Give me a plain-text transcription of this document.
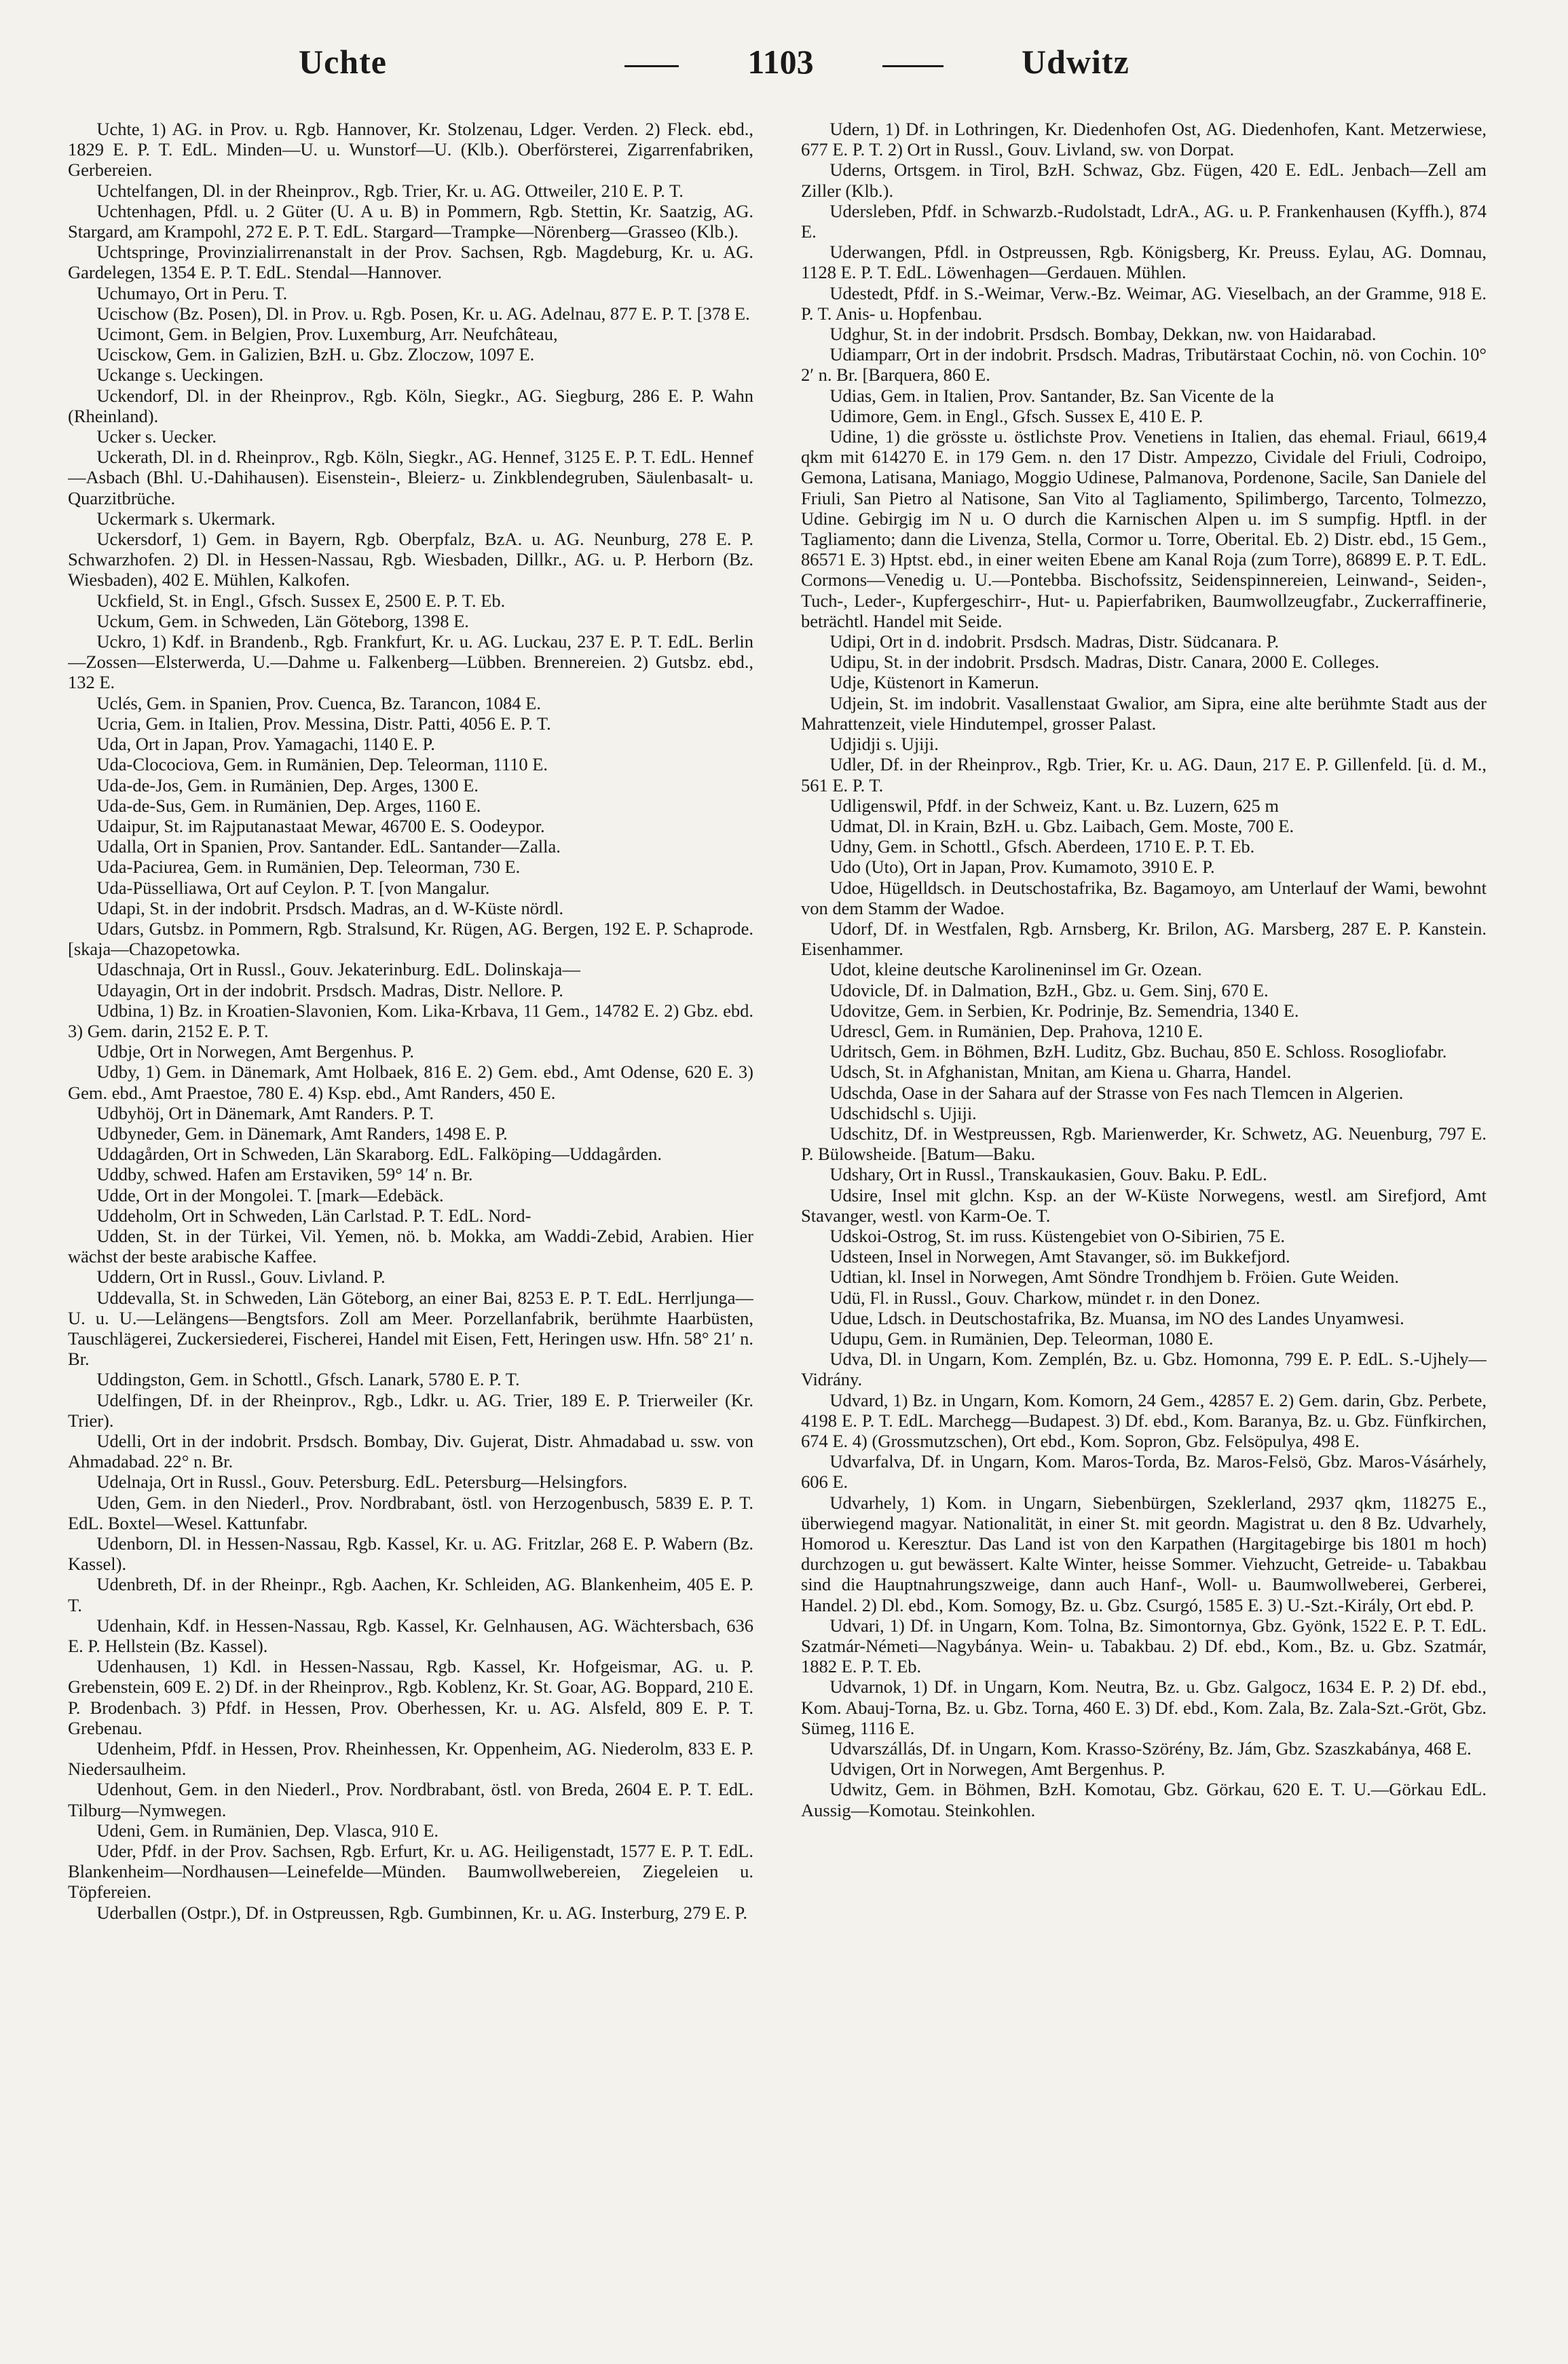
Uchte	1103	Udwitz

Uchte, 1) AG. in Prov. u. Rgb. Hannover, Kr. Stolzenau, Ldger. Verden. 2) Fleck. ebd., 1829 E. P. T. EdL. Minden—U. u. Wunstorf—U. (Klb.). Oberförsterei, Zigarrenfabriken, Gerbereien.

Uchtelfangen, Dl. in der Rheinprov., Rgb. Trier, Kr. u. AG. Ottweiler, 210 E. P. T.

Uchtenhagen, Pfdl. u. 2 Güter (U. A u. B) in Pommern, Rgb. Stettin, Kr. Saatzig, AG. Stargard, am Krampohl, 272 E. P. T. EdL. Stargard—Trampke—Nörenberg—Grasseo (Klb.).

Uchtspringe, Provinzialirrenanstalt in der Prov. Sachsen, Rgb. Magdeburg, Kr. u. AG. Gardelegen, 1354 E. P. T. EdL. Stendal—Hannover.

Uchumayo, Ort in Peru. T.

Ucischow (Bz. Posen), Dl. in Prov. u. Rgb. Posen, Kr. u. AG. Adelnau, 877 E. P. T. [378 E.

Ucimont, Gem. in Belgien, Prov. Luxemburg, Arr. Neufchâteau,

Ucisckow, Gem. in Galizien, BzH. u. Gbz. Zloczow, 1097 E.

Uckange s. Ueckingen.

Uckendorf, Dl. in der Rheinprov., Rgb. Köln, Siegkr., AG. Siegburg, 286 E. P. Wahn (Rheinland).

Ucker s. Uecker.

Uckerath, Dl. in d. Rheinprov., Rgb. Köln, Siegkr., AG. Hennef, 3125 E. P. T. EdL. Hennef—Asbach (Bhl. U.-Dahihausen). Eisenstein-, Bleierz- u. Zinkblendegruben, Säulenbasalt- u. Quarzitbrüche.

Uckermark s. Ukermark.

Uckersdorf, 1) Gem. in Bayern, Rgb. Oberpfalz, BzA. u. AG. Neunburg, 278 E. P. Schwarzhofen. 2) Dl. in Hessen-Nassau, Rgb. Wiesbaden, Dillkr., AG. u. P. Herborn (Bz. Wiesbaden), 402 E. Mühlen, Kalkofen.

Uckfield, St. in Engl., Gfsch. Sussex E, 2500 E. P. T. Eb.

Uckum, Gem. in Schweden, Län Göteborg, 1398 E.

Uckro, 1) Kdf. in Brandenb., Rgb. Frankfurt, Kr. u. AG. Luckau, 237 E. P. T. EdL. Berlin—Zossen—Elsterwerda, U.—Dahme u. Falkenberg—Lübben. Brennereien. 2) Gutsbz. ebd., 132 E.

Uclés, Gem. in Spanien, Prov. Cuenca, Bz. Tarancon, 1084 E.

Ucria, Gem. in Italien, Prov. Messina, Distr. Patti, 4056 E. P. T.

Uda, Ort in Japan, Prov. Yamagachi, 1140 E. P.

Uda-Clocociova, Gem. in Rumänien, Dep. Teleorman, 1110 E.

Uda-de-Jos, Gem. in Rumänien, Dep. Arges, 1300 E.

Uda-de-Sus, Gem. in Rumänien, Dep. Arges, 1160 E.

Udaipur, St. im Rajputanastaat Mewar, 46700 E. S. Oodeypor.

Udalla, Ort in Spanien, Prov. Santander. EdL. Santander—Zalla.

Uda-Paciurea, Gem. in Rumänien, Dep. Teleorman, 730 E.

Uda-Püsselliawa, Ort auf Ceylon. P. T. [von Mangalur.

Udapi, St. in der indobrit. Prsdsch. Madras, an d. W-Küste nördl.

Udars, Gutsbz. in Pommern, Rgb. Stralsund, Kr. Rügen, AG. Bergen, 192 E. P. Schaprode. [skaja—Chazopetowka.

Udaschnaja, Ort in Russl., Gouv. Jekaterinburg. EdL. Dolinskaja—

Udayagin, Ort in der indobrit. Prsdsch. Madras, Distr. Nellore. P.

Udbina, 1) Bz. in Kroatien-Slavonien, Kom. Lika-Krbava, 11 Gem., 14782 E. 2) Gbz. ebd. 3) Gem. darin, 2152 E. P. T.

Udbje, Ort in Norwegen, Amt Bergenhus. P.

Udby, 1) Gem. in Dänemark, Amt Holbaek, 816 E. 2) Gem. ebd., Amt Odense, 620 E. 3) Gem. ebd., Amt Praestoe, 780 E. 4) Ksp. ebd., Amt Randers, 450 E.

Udbyhöj, Ort in Dänemark, Amt Randers. P. T.

Udbyneder, Gem. in Dänemark, Amt Randers, 1498 E. P.

Uddagården, Ort in Schweden, Län Skaraborg. EdL. Falköping—Uddagården.

Uddby, schwed. Hafen am Erstaviken, 59° 14′ n. Br.

Udde, Ort in der Mongolei. T. [mark—Edebäck.

Uddeholm, Ort in Schweden, Län Carlstad. P. T. EdL. Nord-

Udden, St. in der Türkei, Vil. Yemen, nö. b. Mokka, am Waddi-Zebid, Arabien. Hier wächst der beste arabische Kaffee.

Uddern, Ort in Russl., Gouv. Livland. P.

Uddevalla, St. in Schweden, Län Göteborg, an einer Bai, 8253 E. P. T. EdL. Herrljunga—U. u. U.—Lelängens—Bengtsfors. Zoll am Meer. Porzellanfabrik, berühmte Haarbüsten, Tauschlägerei, Zuckersiederei, Fischerei, Handel mit Eisen, Fett, Heringen usw. Hfn. 58° 21′ n. Br.

Uddingston, Gem. in Schottl., Gfsch. Lanark, 5780 E. P. T.

Udelfingen, Df. in der Rheinprov., Rgb., Ldkr. u. AG. Trier, 189 E. P. Trierweiler (Kr. Trier).

Udelli, Ort in der indobrit. Prsdsch. Bombay, Div. Gujerat, Distr. Ahmadabad u. ssw. von Ahmadabad. 22° n. Br.

Udelnaja, Ort in Russl., Gouv. Petersburg. EdL. Petersburg—Helsingfors.

Uden, Gem. in den Niederl., Prov. Nordbrabant, östl. von Herzogenbusch, 5839 E. P. T. EdL. Boxtel—Wesel. Kattunfabr.

Udenborn, Dl. in Hessen-Nassau, Rgb. Kassel, Kr. u. AG. Fritzlar, 268 E. P. Wabern (Bz. Kassel).

Udenbreth, Df. in der Rheinpr., Rgb. Aachen, Kr. Schleiden, AG. Blankenheim, 405 E. P. T.

Udenhain, Kdf. in Hessen-Nassau, Rgb. Kassel, Kr. Gelnhausen, AG. Wächtersbach, 636 E. P. Hellstein (Bz. Kassel).

Udenhausen, 1) Kdl. in Hessen-Nassau, Rgb. Kassel, Kr. Hofgeismar, AG. u. P. Grebenstein, 609 E. 2) Df. in der Rheinprov., Rgb. Koblenz, Kr. St. Goar, AG. Boppard, 210 E. P. Brodenbach. 3) Pfdf. in Hessen, Prov. Oberhessen, Kr. u. AG. Alsfeld, 809 E. P. T. Grebenau.

Udenheim, Pfdf. in Hessen, Prov. Rheinhessen, Kr. Oppenheim, AG. Niederolm, 833 E. P. Niedersaulheim.

Udenhout, Gem. in den Niederl., Prov. Nordbrabant, östl. von Breda, 2604 E. P. T. EdL. Tilburg—Nymwegen.

Udeni, Gem. in Rumänien, Dep. Vlasca, 910 E.

Uder, Pfdf. in der Prov. Sachsen, Rgb. Erfurt, Kr. u. AG. Heiligenstadt, 1577 E. P. T. EdL. Blankenheim—Nordhausen—Leinefelde—Münden. Baumwollwebereien, Ziegeleien u. Töpfereien.

Uderballen (Ostpr.), Df. in Ostpreussen, Rgb. Gumbinnen, Kr. u. AG. Insterburg, 279 E. P.

Udern, 1) Df. in Lothringen, Kr. Diedenhofen Ost, AG. Diedenhofen, Kant. Metzerwiese, 677 E. P. T. 2) Ort in Russl., Gouv. Livland, sw. von Dorpat.

Uderns, Ortsgem. in Tirol, BzH. Schwaz, Gbz. Fügen, 420 E. EdL. Jenbach—Zell am Ziller (Klb.).

Udersleben, Pfdf. in Schwarzb.-Rudolstadt, LdrA., AG. u. P. Frankenhausen (Kyffh.), 874 E.

Uderwangen, Pfdl. in Ostpreussen, Rgb. Königsberg, Kr. Preuss. Eylau, AG. Domnau, 1128 E. P. T. EdL. Löwenhagen—Gerdauen. Mühlen.

Udestedt, Pfdf. in S.-Weimar, Verw.-Bz. Weimar, AG. Vieselbach, an der Gramme, 918 E. P. T. Anis- u. Hopfenbau.

Udghur, St. in der indobrit. Prsdsch. Bombay, Dekkan, nw. von Haidarabad.

Udiamparr, Ort in der indobrit. Prsdsch. Madras, Tributärstaat Cochin, nö. von Cochin. 10° 2′ n. Br. [Barquera, 860 E.

Udias, Gem. in Italien, Prov. Santander, Bz. San Vicente de la

Udimore, Gem. in Engl., Gfsch. Sussex E, 410 E. P.

Udine, 1) die grösste u. östlichste Prov. Venetiens in Italien, das ehemal. Friaul, 6619,4 qkm mit 614270 E. in 179 Gem. n. den 17 Distr. Ampezzo, Cividale del Friuli, Codroipo, Gemona, Latisana, Maniago, Moggio Udinese, Palmanova, Pordenone, Sacile, San Daniele del Friuli, San Pietro al Natisone, San Vito al Tagliamento, Spilimbergo, Tarcento, Tolmezzo, Udine. Gebirgig im N u. O durch die Karnischen Alpen u. im S sumpfig. Hptfl. in der Tagliamento; dann die Livenza, Stella, Cormor u. Torre, Oberital. Eb. 2) Distr. ebd., 15 Gem., 86571 E. 3) Hptst. ebd., in einer weiten Ebene am Kanal Roja (zum Torre), 86899 E. P. T. EdL. Cormons—Venedig u. U.—Pontebba. Bischofssitz, Seidenspinnereien, Leinwand-, Seiden-, Tuch-, Leder-, Kupfergeschirr-, Hut- u. Papierfabriken, Baumwollzeugfabr., Zuckerraffinerie, beträchtl. Handel mit Seide.

Udipi, Ort in d. indobrit. Prsdsch. Madras, Distr. Südcanara. P.

Udipu, St. in der indobrit. Prsdsch. Madras, Distr. Canara, 2000 E. Colleges.

Udje, Küstenort in Kamerun.

Udjein, St. im indobrit. Vasallenstaat Gwalior, am Sipra, eine alte berühmte Stadt aus der Mahrattenzeit, viele Hindutempel, grosser Palast.

Udjidji s. Ujiji.

Udler, Df. in der Rheinprov., Rgb. Trier, Kr. u. AG. Daun, 217 E. P. Gillenfeld. [ü. d. M., 561 E. P. T.

Udligenswil, Pfdf. in der Schweiz, Kant. u. Bz. Luzern, 625 m

Udmat, Dl. in Krain, BzH. u. Gbz. Laibach, Gem. Moste, 700 E.

Udny, Gem. in Schottl., Gfsch. Aberdeen, 1710 E. P. T. Eb.

Udo (Uto), Ort in Japan, Prov. Kumamoto, 3910 E. P.

Udoe, Hügelldsch. in Deutschostafrika, Bz. Bagamoyo, am Unterlauf der Wami, bewohnt von dem Stamm der Wadoe.

Udorf, Df. in Westfalen, Rgb. Arnsberg, Kr. Brilon, AG. Marsberg, 287 E. P. Kanstein. Eisenhammer.

Udot, kleine deutsche Karolineninsel im Gr. Ozean.

Udovicle, Df. in Dalmation, BzH., Gbz. u. Gem. Sinj, 670 E.

Udovitze, Gem. in Serbien, Kr. Podrinje, Bz. Semendria, 1340 E.

Udrescl, Gem. in Rumänien, Dep. Prahova, 1210 E.

Udritsch, Gem. in Böhmen, BzH. Luditz, Gbz. Buchau, 850 E. Schloss. Rosogliofabr.

Udsch, St. in Afghanistan, Mnitan, am Kiena u. Gharra, Handel.

Udschda, Oase in der Sahara auf der Strasse von Fes nach Tlemcen in Algerien.

Udschidschl s. Ujiji.

Udschitz, Df. in Westpreussen, Rgb. Marienwerder, Kr. Schwetz, AG. Neuenburg, 797 E. P. Bülowsheide. [Batum—Baku.

Udshary, Ort in Russl., Transkaukasien, Gouv. Baku. P. EdL.

Udsire, Insel mit glchn. Ksp. an der W-Küste Norwegens, westl. am Sirefjord, Amt Stavanger, westl. von Karm-Oe. T.

Udskoi-Ostrog, St. im russ. Küstengebiet von O-Sibirien, 75 E.

Udsteen, Insel in Norwegen, Amt Stavanger, sö. im Bukkefjord.

Udtian, kl. Insel in Norwegen, Amt Söndre Trondhjem b. Fröien. Gute Weiden.

Udü, Fl. in Russl., Gouv. Charkow, mündet r. in den Donez.

Udue, Ldsch. in Deutschostafrika, Bz. Muansa, im NO des Landes Unyamwesi.

Udupu, Gem. in Rumänien, Dep. Teleorman, 1080 E.

Udva, Dl. in Ungarn, Kom. Zemplén, Bz. u. Gbz. Homonna, 799 E. P. EdL. S.-Ujhely—Vidrány.

Udvard, 1) Bz. in Ungarn, Kom. Komorn, 24 Gem., 42857 E. 2) Gem. darin, Gbz. Perbete, 4198 E. P. T. EdL. Marchegg—Budapest. 3) Df. ebd., Kom. Baranya, Bz. u. Gbz. Fünfkirchen, 674 E. 4) (Grossmutzschen), Ort ebd., Kom. Sopron, Gbz. Felsöpulya, 498 E.

Udvarfalva, Df. in Ungarn, Kom. Maros-Torda, Bz. Maros-Felsö, Gbz. Maros-Vásárhely, 606 E.

Udvarhely, 1) Kom. in Ungarn, Siebenbürgen, Szeklerland, 2937 qkm, 118275 E., überwiegend magyar. Nationalität, in einer St. mit geordn. Magistrat u. den 8 Bz. Udvarhely, Homorod u. Keresztur. Das Land ist von den Karpathen (Hargitagebirge bis 1801 m hoch) durchzogen u. gut bewässert. Kalte Winter, heisse Sommer. Viehzucht, Getreide- u. Tabakbau sind die Hauptnahrungszweige, dann auch Hanf-, Woll- u. Baumwollweberei, Gerberei, Handel. 2) Dl. ebd., Kom. Somogy, Bz. u. Gbz. Csurgó, 1585 E. 3) U.-Szt.-Király, Ort ebd. P.

Udvari, 1) Df. in Ungarn, Kom. Tolna, Bz. Simontornya, Gbz. Gyönk, 1522 E. P. T. EdL. Szatmár-Németi—Nagybánya. Wein- u. Tabakbau. 2) Df. ebd., Kom., Bz. u. Gbz. Szatmár, 1882 E. P. T. Eb.

Udvarnok, 1) Df. in Ungarn, Kom. Neutra, Bz. u. Gbz. Galgocz, 1634 E. P. 2) Df. ebd., Kom. Abauj-Torna, Bz. u. Gbz. Torna, 460 E. 3) Df. ebd., Kom. Zala, Bz. Zala-Szt.-Gröt, Gbz. Sümeg, 1116 E.

Udvarszállás, Df. in Ungarn, Kom. Krasso-Szörény, Bz. Jám, Gbz. Szaszkabánya, 468 E.

Udvigen, Ort in Norwegen, Amt Bergenhus. P.

Udwitz, Gem. in Böhmen, BzH. Komotau, Gbz. Görkau, 620 E. T. U.—Görkau EdL. Aussig—Komotau. Steinkohlen.
